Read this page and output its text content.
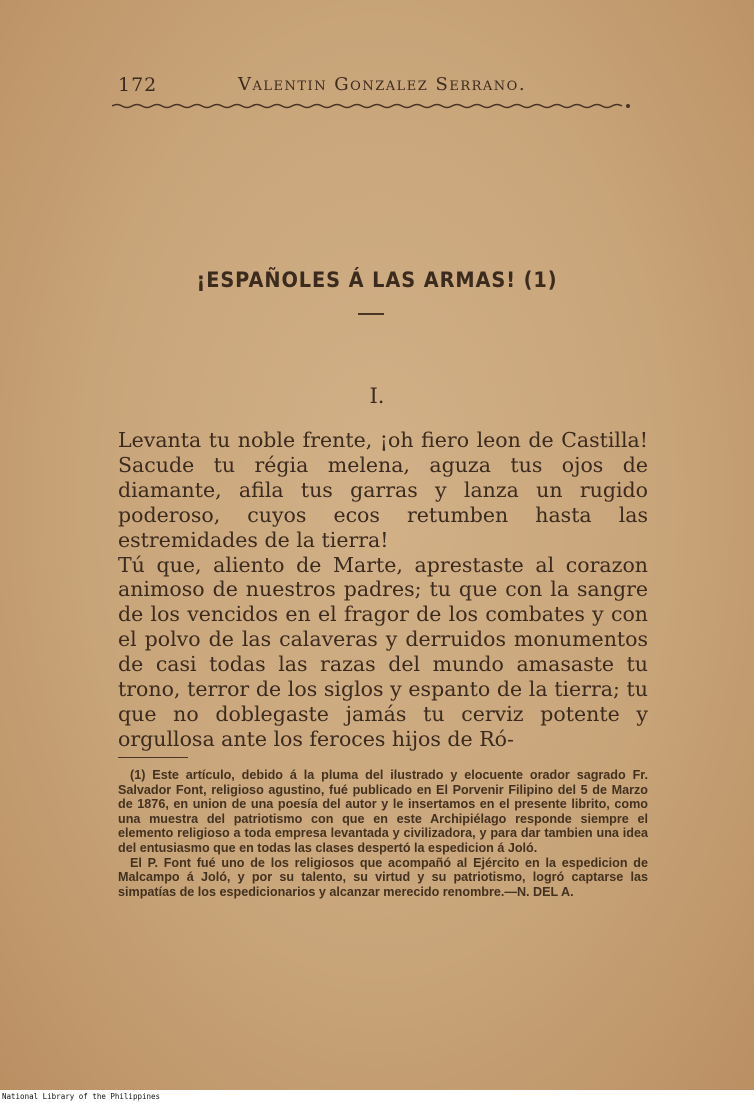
172	Valentin Gonzalez Serrano.
¡ESPAÑOLES Á LAS ARMAS! (1)
I.

Levanta tu noble frente, ¡oh fiero leon de Castilla! Sacude tu régia melena, aguza tus ojos de diamante, afila tus garras y lanza un rugido poderoso, cuyos ecos retumben hasta las estremidades de la tierra!

Tú que, aliento de Marte, aprestaste al corazon animoso de nuestros padres; tu que con la sangre de los vencidos en el fragor de los combates y con el polvo de las calaveras y derruidos monumentos de casi todas las razas del mundo amasaste tu trono, terror de los siglos y espanto de la tierra; tu que no doblegaste jamás tu cerviz potente y orgullosa ante los feroces hijos de Ró-

(1) Este artículo, debido á la pluma del ilustrado y elocuente orador sagrado Fr. Salvador Font, religioso agustino, fué publicado en El Porvenir Filipino del 5 de Marzo de 1876, en union de una poesía del autor y le insertamos en el presente librito, como una muestra del patriotismo con que en este Archipiélago responde siempre el elemento religioso a toda empresa levantada y civilizadora, y para dar tambien una idea del entusiasmo que en todas las clases despertó la espedicion á Joló.

El P. Font fué uno de los religiosos que acompañó al Ejército en la espedicion de Malcampo á Joló, y por su talento, su virtud y su patriotismo, logró captarse las simpatías de los espedicionarios y alcanzar merecido renombre.—N. DEL A.

National Library of the Philippines
